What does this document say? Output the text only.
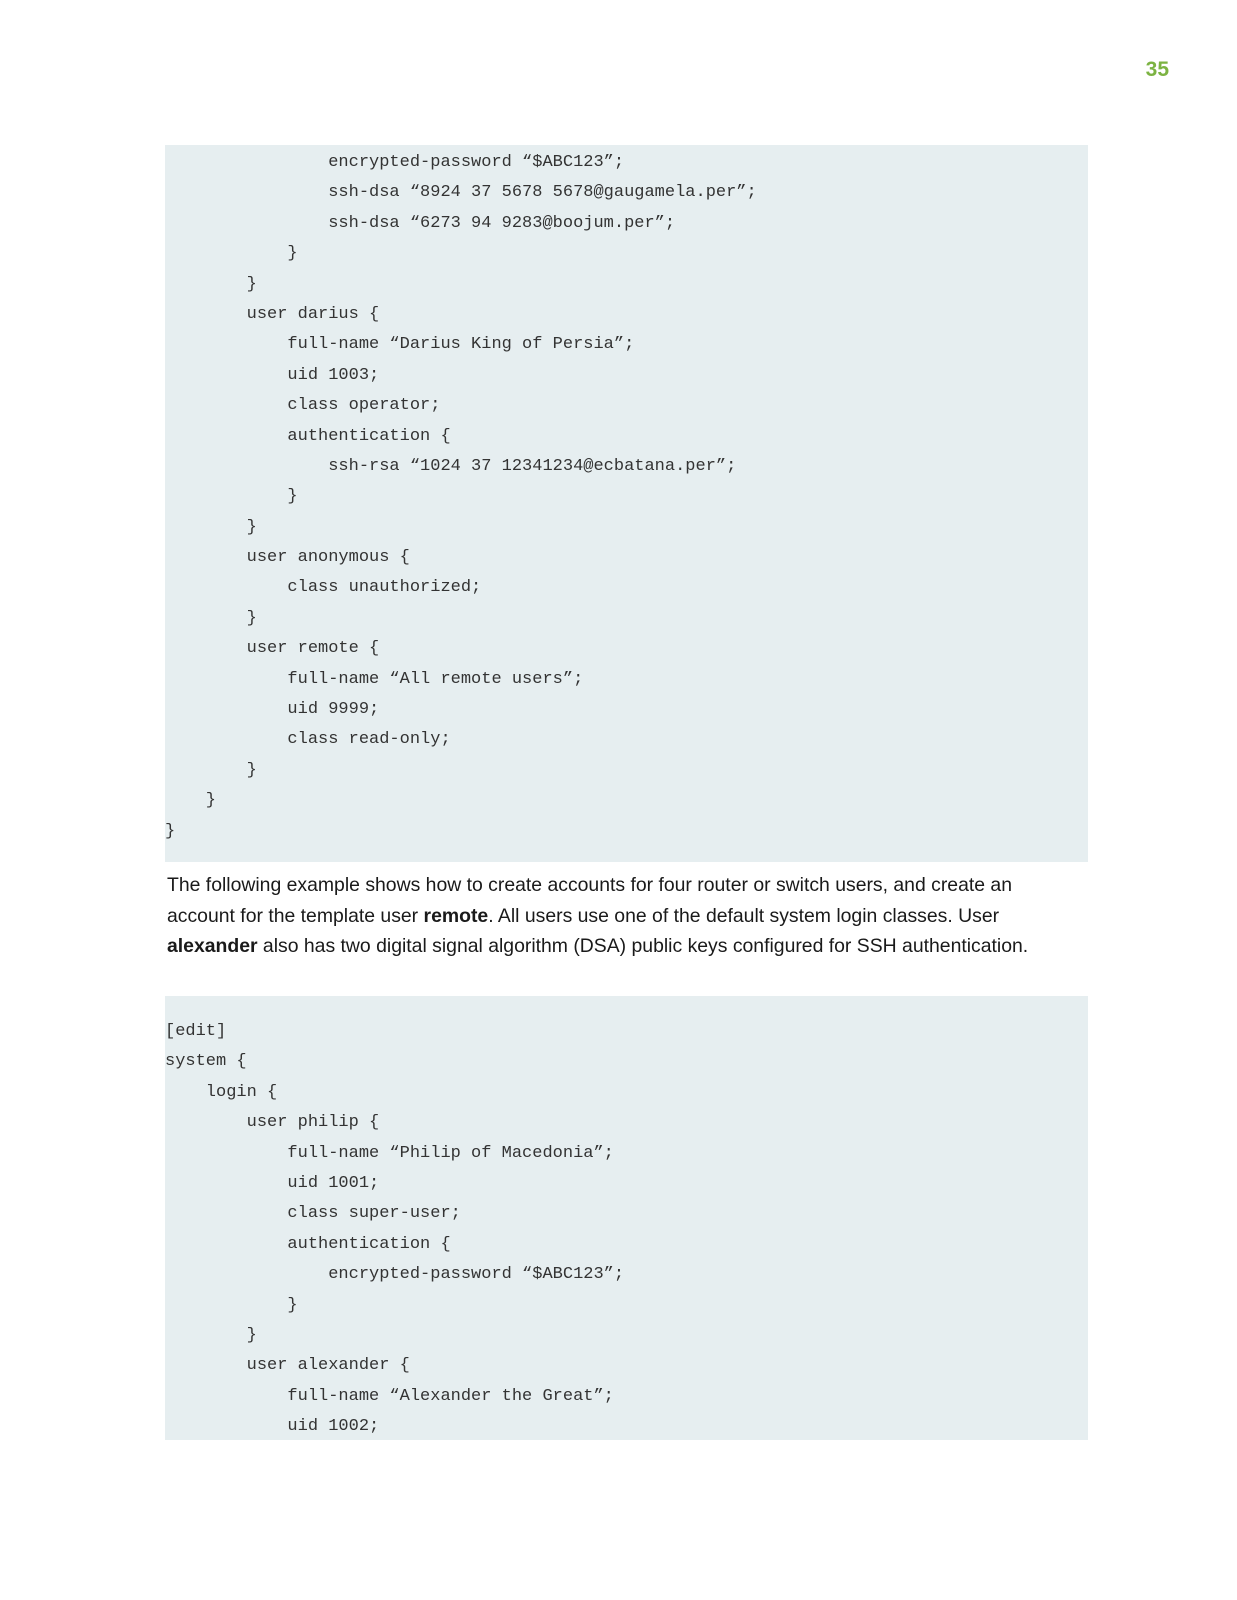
35
encrypted-password “$ABC123”;
ssh-dsa “8924 37 5678 5678@gaugamela.per”;
ssh-dsa “6273 94 9283@boojum.per”;
}
}
user darius {
full-name “Darius King of Persia”;
uid 1003;
class operator;
authentication {
ssh-rsa “1024 37 12341234@ecbatana.per”;
}
}
user anonymous {
class unauthorized;
}
user remote {
full-name “All remote users”;
uid 9999;
class read-only;
}
}
}

The following example shows how to create accounts for four router or switch users, and create an account for the template user remote. All users use one of the default system login classes. User alexander also has two digital signal algorithm (DSA) public keys configured for SSH authentication.

[edit]
system {
login {
user philip {
full-name “Philip of Macedonia”;
uid 1001;
class super-user;
authentication {
encrypted-password “$ABC123”;
}
}
user alexander {
full-name “Alexander the Great”;
uid 1002;
